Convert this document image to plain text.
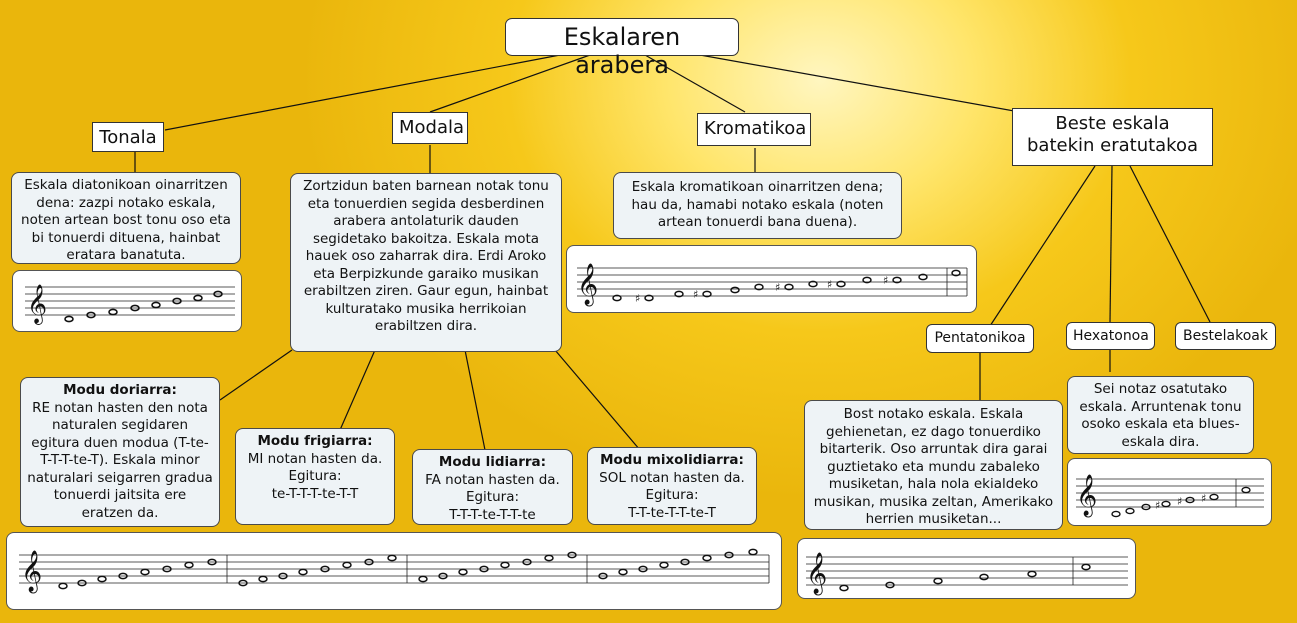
Eskalaren arabera
Tonala	Modala	Kromatikoa	Beste eskala batekin eratutakoa
Eskala diatonikoan oinarritzen dena: zazpi notako eskala, noten artean bost tonu oso eta bi tonuerdi dituena, hainbat eratara banatuta.
Zortzidun baten barnean notak tonu eta tonuerdien segida desberdinen arabera antolaturik dauden segidetako bakoitza. Eskala mota hauek oso zaharrak dira. Erdi Aroko eta Berpizkunde garaiko musikan erabiltzen ziren. Gaur egun, hainbat kulturatako musika herrikoian erabiltzen dira.
Eskala kromatikoan oinarritzen dena; hau da, hamabi notako eskala (noten artean tonuerdi bana duena).
Modu doriarra:
RE notan hasten den nota naturalen segidaren egitura duen modua (T-te-T-T-T-te-T). Eskala minor naturalari seigarren gradua tonuerdi jaitsita ere eratzen da.
Modu frigiarra:
MI notan hasten da.
Egitura:
te-T-T-T-te-T-T
Modu lidiarra:
FA notan hasten da.
Egitura:
T-T-T-te-T-T-te
Modu mixolidiarra:
SOL notan hasten da.
Egitura:
T-T-te-T-T-te-T
Pentatonikoa	Hexatonoa	Bestelakoak
Bost notako eskala. Eskala gehienetan, ez dago tonuerdiko bitarterik. Oso arruntak dira garai guztietako eta mundu zabaleko musiketan, hala nola ekialdeko musikan, musika zeltan, Amerikako herrien musiketan...
Sei notaz osatutako eskala. Arruntenak tonu osoko eskala eta blues-eskala dira.
𝄞	𝄞	♯	♯
♯	♯	♯
𝄞	𝄞
𝄞	♯ ♯ ♯
